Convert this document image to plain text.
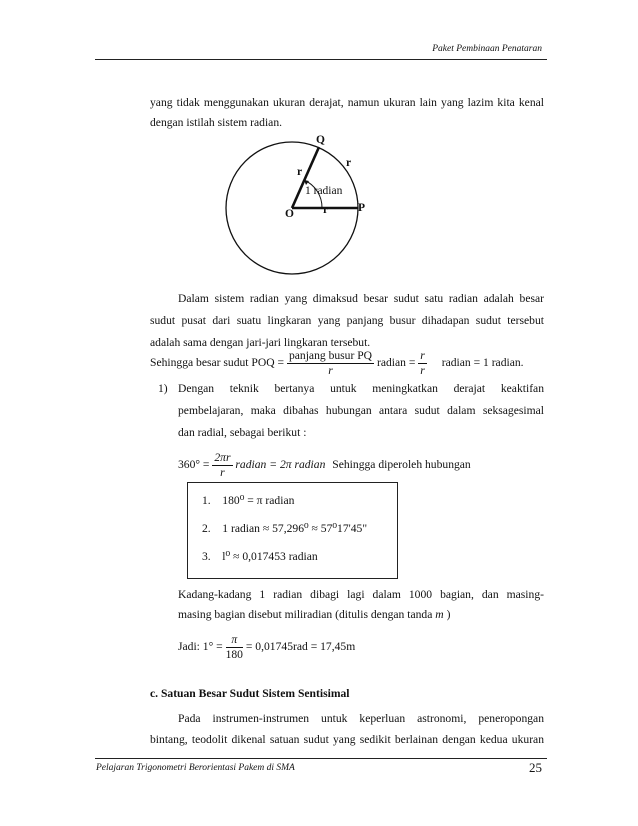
Paket Pembinaan Penataran
yang tidak menggunakan ukuran derajat, namun ukuran lain yang lazim kita kenal
dengan istilah sistem radian.
Q
r
r
1 radian
P
r
O
Dalam sistem radian yang dimaksud besar sudut satu radian adalah besar
sudut pusat dari suatu lingkaran yang panjang busur dihadapan sudut tersebut
adalah sama dengan jari-jari lingkaran tersebut.
Sehingga besar sudut POQ = $\frac{\text{panjang busur PQ}}{r}$ radian = $\frac{r}{r}$ radian = 1 radian.
1) Dengan teknik bertanya untuk meningkatkan derajat keaktifan
pembelajaran, maka dibahas hubungan antara sudut dalam seksagesimal
dan radial, sebagai berikut :
$360^\circ = \frac{2\pi r}{r}$ radian = 2π radian Sehingga diperoleh hubungan
1. 180⁰ = π radian
2. 1 radian ≈ 57,296⁰ ≈ 57⁰17'45"
3. l⁰ ≈ 0,017453 radian
Kadang-kadang 1 radian dibagi lagi dalam 1000 bagian, dan masing-
masing bagian disebut miliradian (ditulis dengan tanda m )
Jadi: $1^\circ = \frac{\pi}{180} = 0,01745rad = 17,45m$
c. Satuan Besar Sudut Sistem Sentisimal
Pada instrumen-instrumen untuk keperluan astronomi, peneropongan
bintang, teodolit dikenal satuan sudut yang sedikit berlainan dengan kedua ukuran
Pelajaran Trigonometri Berorientasi Pakem di SMA	25
